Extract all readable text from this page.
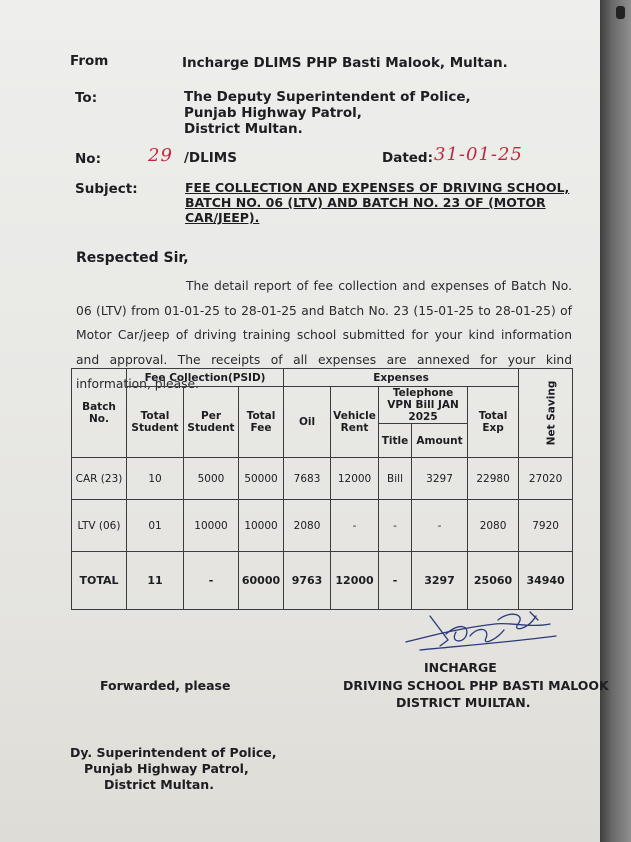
From	Incharge DLIMS PHP Basti Malook, Multan.
To:	The Deputy Superintendent of Police,
Punjab Highway Patrol,
District Multan.
No:	29 /DLIMS	Dated: 31-01-25
Subject:	FEE COLLECTION AND EXPENSES OF DRIVING SCHOOL, BATCH NO. 06 (LTV) AND BATCH NO. 23 OF (MOTOR CAR/JEEP).
Respected Sir,
The detail report of fee collection and expenses of Batch No. 06 (LTV) from 01-01-25 to 28-01-25 and Batch No. 23 (15-01-25 to 28-01-25) of Motor Car/jeep of driving training school submitted for your kind information and approval. The receipts of all expenses are annexed for your kind information, please.
Batch No.	Fee Collection(PSID)			Expenses					Net Saving
	Total Student	Per Student	Total Fee	Oil	Vehicle Rent	Telephone VPN Bill JAN 2025		Total Exp	
						Title	Amount		
CAR (23)	10	5000	50000	7683	12000	Bill	3297	22980	27020
LTV (06)	01	10000	10000	2080	-	-	-	2080	7920
TOTAL	11	-	60000	9763	12000	-	3297	25060	34940
INCHARGE
DRIVING SCHOOL PHP BASTI MALOOK
DISTRICT MUILTAN.
Forwarded, please
Dy. Superintendent of Police,
Punjab Highway Patrol,
District Multan.
